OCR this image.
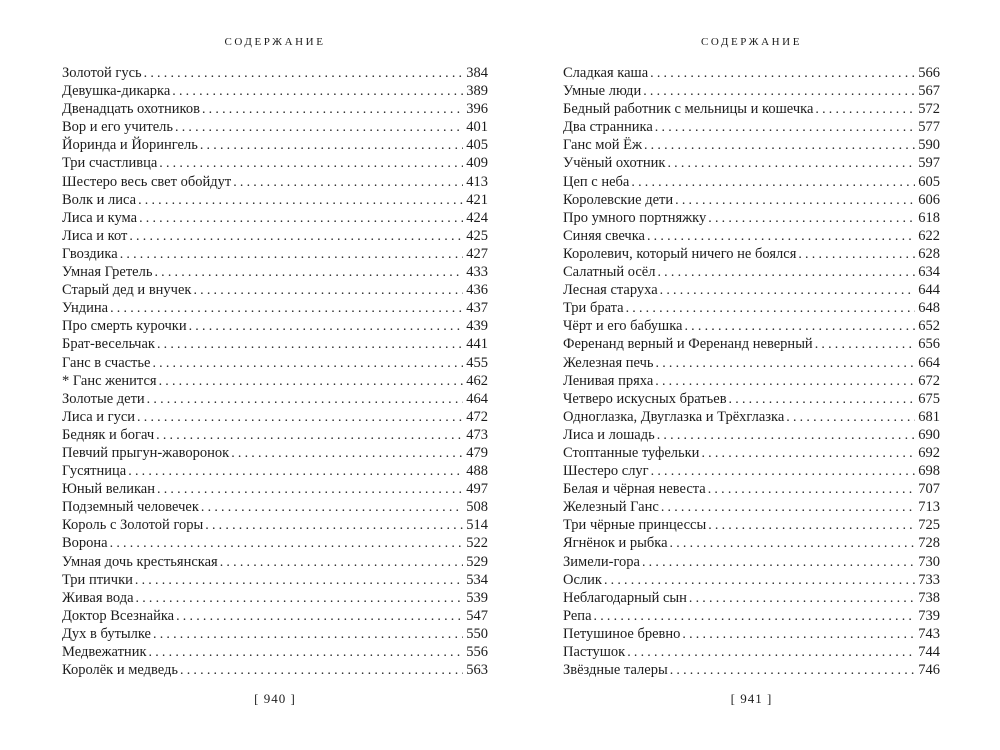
СОДЕРЖАНИЕ
Золотой гусь .....	384
Девушка-дикарка .....	389
Двенадцать охотников .....	396
Вор и его учитель .....	401
Йоринда и Йорингель .....	405
Три счастливца .....	409
Шестеро весь свет обойдут .....	413
Волк и лиса .....	421
Лиса и кума .....	424
Лиса и кот .....	425
Гвоздика .....	427
Умная Гретель .....	433
Старый дед и внучек .....	436
Ундина .....	437
Про смерть курочки .....	439
Брат-весельчак .....	441
Ганс в счастье .....	455
* Ганс женится .....	462
Золотые дети .....	464
Лиса и гуси .....	472
Бедняк и богач .....	473
Певчий прыгун-жаворонок .....	479
Гусятница .....	488
Юный великан .....	497
Подземный человечек .....	508
Король с Золотой горы .....	514
Ворона .....	522
Умная дочь крестьянская .....	529
Три птички .....	534
Живая вода .....	539
Доктор Всезнайка .....	547
Дух в бутылке .....	550
Медвежатник .....	556
Королёк и медведь .....	563
[ 940 ]
СОДЕРЖАНИЕ
Сладкая каша .....	566
Умные люди .....	567
Бедный работник с мельницы и кошечка .....	572
Два странника .....	577
Ганс мой Ёж .....	590
Учёный охотник .....	597
Цеп с неба .....	605
Королевские дети .....	606
Про умного портняжку .....	618
Синяя свечка .....	622
Королевич, который ничего не боялся .....	628
Салатный осёл .....	634
Лесная старуха .....	644
Три брата .....	648
Чёрт и его бабушка .....	652
Ференанд верный и Ференанд неверный .....	656
Железная печь .....	664
Ленивая пряха .....	672
Четверо искусных братьев .....	675
Одноглазка, Двуглазка и Трёхглазка .....	681
Лиса и лошадь .....	690
Стоптанные туфельки .....	692
Шестеро слуг .....	698
Белая и чёрная невеста .....	707
Железный Ганс .....	713
Три чёрные принцессы .....	725
Ягнёнок и рыбка .....	728
Зимели-гора .....	730
Ослик .....	733
Неблагодарный сын .....	738
Репа .....	739
Петушиное бревно .....	743
Пастушок .....	744
Звёздные талеры .....	746
[ 941 ]
